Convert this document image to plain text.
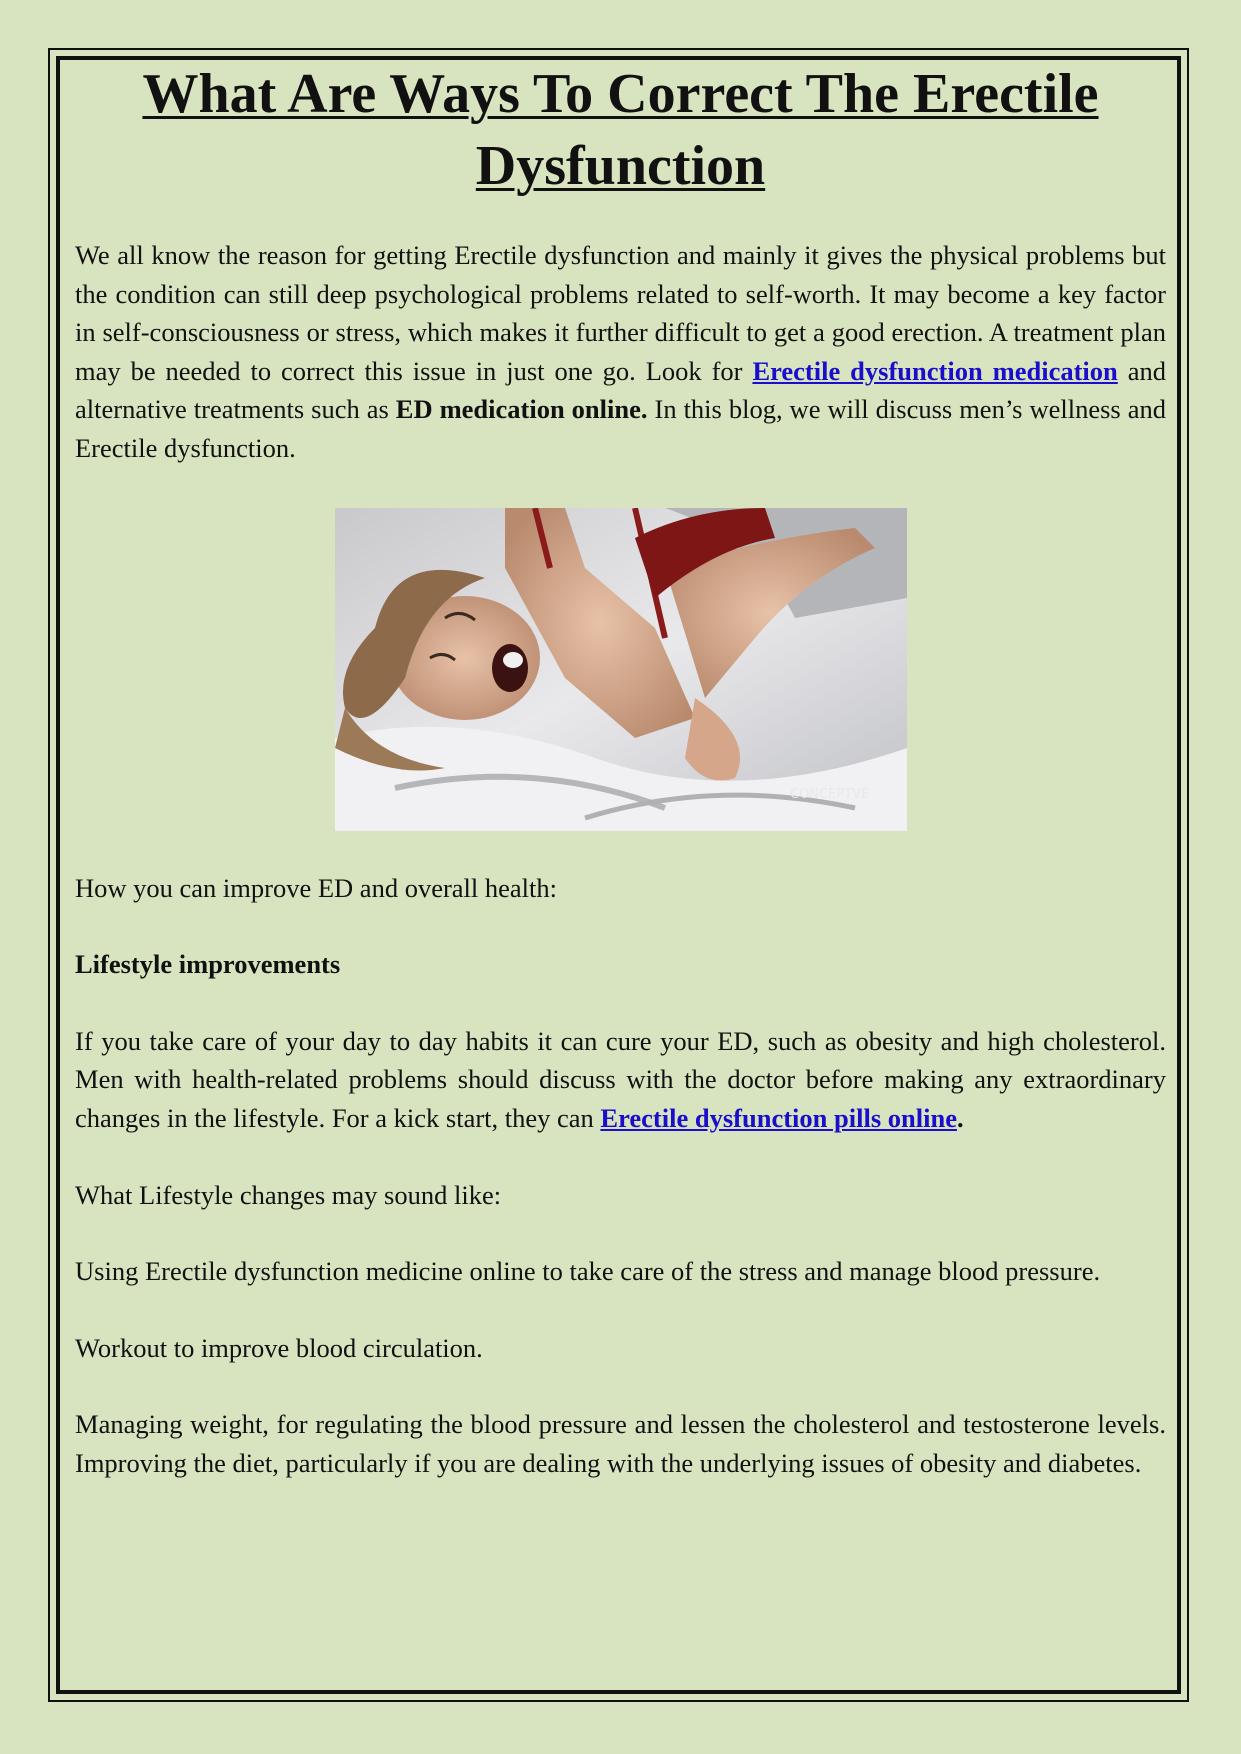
What Are Ways To Correct The Erectile Dysfunction

We all know the reason for getting Erectile dysfunction and mainly it gives the physical problems but the condition can still deep psychological problems related to self-worth. It may become a key factor in self-consciousness or stress, which makes it further difficult to get a good erection. A treatment plan may be needed to correct this issue in just one go. Look for Erectile dysfunction medication and alternative treatments such as ED medication online. In this blog, we will discuss men’s wellness and Erectile dysfunction.

CONCEPTVE

How you can improve ED and overall health:

Lifestyle improvements

If you take care of your day to day habits it can cure your ED, such as obesity and high cholesterol. Men with health-related problems should discuss with the doctor before making any extraordinary changes in the lifestyle. For a kick start, they can Erectile dysfunction pills online.

What Lifestyle changes may sound like:

Using Erectile dysfunction medicine online to take care of the stress and manage blood pressure.

Workout to improve blood circulation.

Managing weight, for regulating the blood pressure and lessen the cholesterol and testosterone levels. Improving the diet, particularly if you are dealing with the underlying issues of obesity and diabetes.
